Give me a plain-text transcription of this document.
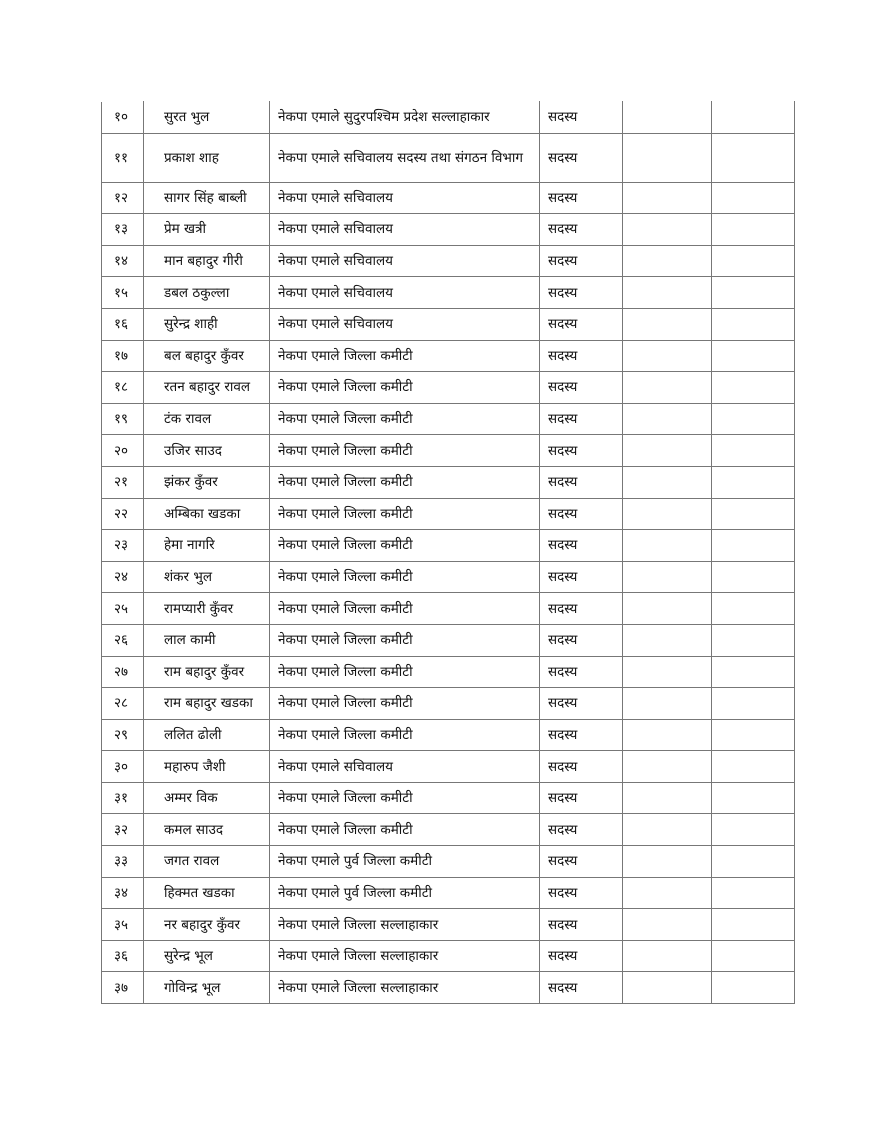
१०	सुरत भुल	नेकपा एमाले सुदुरपश्चिम प्रदेश सल्लाहाकार	सदस्य		
११	प्रकाश शाह	नेकपा एमाले सचिवालय सदस्य तथा संगठन विभाग	सदस्य		
१२	सागर सिंह बाब्ली	नेकपा एमाले सचिवालय	सदस्य		
१३	प्रेम खत्री	नेकपा एमाले सचिवालय	सदस्य		
१४	मान बहादुर गीरी	नेकपा एमाले सचिवालय	सदस्य		
१५	डबल ठकुल्ला	नेकपा एमाले सचिवालय	सदस्य		
१६	सुरेन्द्र शाही	नेकपा एमाले सचिवालय	सदस्य		
१७	बल बहादुर कुँवर	नेकपा एमाले जिल्ला कमीटी	सदस्य		
१८	रतन बहादुर रावल	नेकपा एमाले जिल्ला कमीटी	सदस्य		
१९	टंक रावल	नेकपा एमाले जिल्ला कमीटी	सदस्य		
२०	उजिर साउद	नेकपा एमाले जिल्ला कमीटी	सदस्य		
२१	झंकर कुँवर	नेकपा एमाले जिल्ला कमीटी	सदस्य		
२२	अम्बिका खडका	नेकपा एमाले जिल्ला कमीटी	सदस्य		
२३	हेमा नागरि	नेकपा एमाले जिल्ला कमीटी	सदस्य		
२४	शंकर भुल	नेकपा एमाले जिल्ला कमीटी	सदस्य		
२५	रामप्यारी कुँवर	नेकपा एमाले जिल्ला कमीटी	सदस्य		
२६	लाल कामी	नेकपा एमाले जिल्ला कमीटी	सदस्य		
२७	राम बहादुर कुँवर	नेकपा एमाले जिल्ला कमीटी	सदस्य		
२८	राम बहादुर खडका	नेकपा एमाले जिल्ला कमीटी	सदस्य		
२९	ललित ढोली	नेकपा एमाले जिल्ला कमीटी	सदस्य		
३०	महारुप जैशी	नेकपा एमाले सचिवालय	सदस्य		
३१	अम्मर विक	नेकपा एमाले जिल्ला कमीटी	सदस्य		
३२	कमल साउद	नेकपा एमाले जिल्ला कमीटी	सदस्य		
३३	जगत रावल	नेकपा एमाले पुर्व जिल्ला कमीटी	सदस्य		
३४	हिक्मत खडका	नेकपा एमाले पुर्व जिल्ला कमीटी	सदस्य		
३५	नर बहादुर कुँवर	नेकपा एमाले जिल्ला सल्लाहाकार	सदस्य		
३६	सुरेन्द्र भूल	नेकपा एमाले जिल्ला सल्लाहाकार	सदस्य		
३७	गोविन्द्र भूल	नेकपा एमाले जिल्ला सल्लाहाकार	सदस्य		
